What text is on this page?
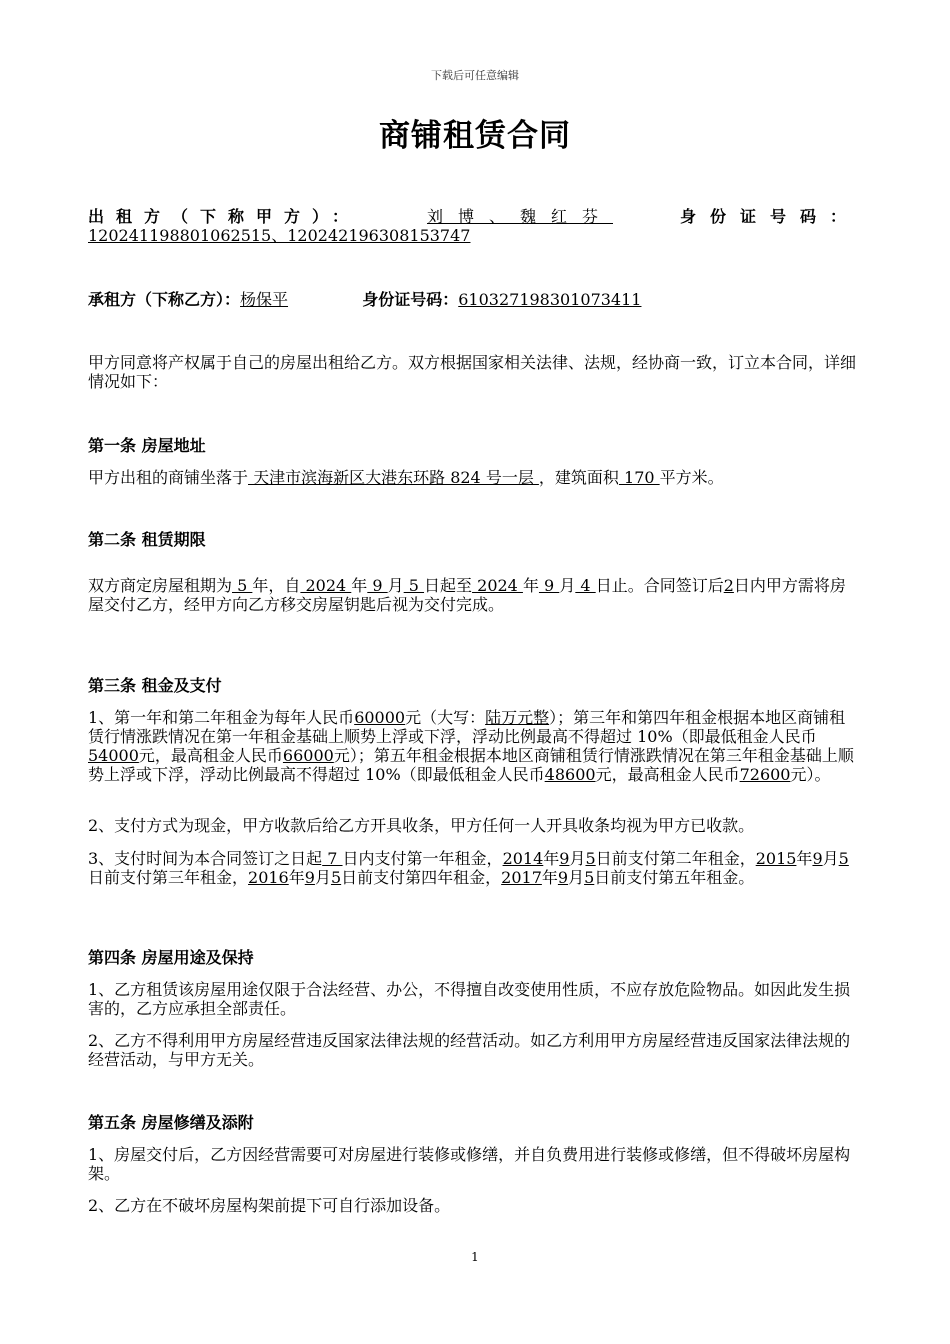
下载后可任意编辑
商铺租赁合同
出租方（下称甲方）：	刘博、魏红芬	身份证号码：
120241198801062515、120242196308153747
承租方（下称乙方）：杨保平	身份证号码：610327198301073411
甲方同意将产权属于自己的房屋出租给乙方。双方根据国家相关法律、法规，经协商一致，订立本合同，详细情况如下：
第一条 房屋地址
甲方出租的商铺坐落于 天津市滨海新区大港东环路 824 号一层 ，建筑面积 170 平方米。
第二条 租赁期限
双方商定房屋租期为 5 年，自 2024 年 9 月 5 日起至 2024 年 9 月 4 日止。合同签订后2日内甲方需将房屋交付乙方，经甲方向乙方移交房屋钥匙后视为交付完成。
第三条 租金及支付
1、第一年和第二年租金为每年人民币60000元（大写：陆万元整）；第三年和第四年租金根据本地区商铺租赁行情涨跌情况在第一年租金基础上顺势上浮或下浮，浮动比例最高不得超过 10%（即最低租金人民币54000元，最高租金人民币66000元）；第五年租金根据本地区商铺租赁行情涨跌情况在第三年租金基础上顺势上浮或下浮，浮动比例最高不得超过 10%（即最低租金人民币48600元，最高租金人民币72600元）。
2、支付方式为现金，甲方收款后给乙方开具收条，甲方任何一人开具收条均视为甲方已收款。
3、支付时间为本合同签订之日起 7 日内支付第一年租金，2014年9月5日前支付第二年租金，2015年9月5日前支付第三年租金，2016年9月5日前支付第四年租金，2017年9月5日前支付第五年租金。
第四条 房屋用途及保持
1、乙方租赁该房屋用途仅限于合法经营、办公，不得擅自改变使用性质，不应存放危险物品。如因此发生损害的，乙方应承担全部责任。
2、乙方不得利用甲方房屋经营违反国家法律法规的经营活动。如乙方利用甲方房屋经营违反国家法律法规的经营活动，与甲方无关。
第五条 房屋修缮及添附
1、房屋交付后，乙方因经营需要可对房屋进行装修或修缮，并自负费用进行装修或修缮，但不得破坏房屋构架。
2、乙方在不破坏房屋构架前提下可自行添加设备。
1
